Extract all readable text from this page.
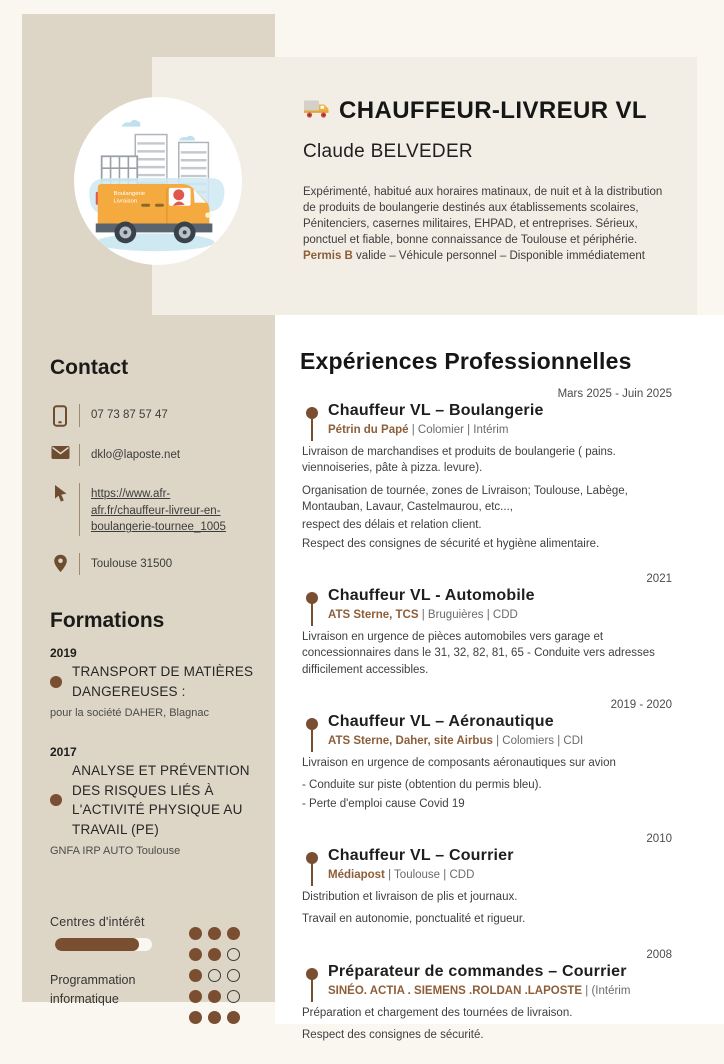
Contact
07 73 87 57 47
dklo@laposte.net
https://www.afr-afr.fr/chauffeur-livreur-en-boulangerie-tournee_1005
Toulouse 31500
Formations
2019
TRANSPORT DE MATIÈRES DANGEREUSES :
pour la société DAHER, Blagnac
2017
ANALYSE ET PRÉVENTION DES RISQUES LIÉS À L'ACTIVITÉ PHYSIQUE AU TRAVAIL (PE)
GNFA IRP AUTO Toulouse
Centres d'intérêt
Programmation informatique
CHAUFFEUR-LIVREUR VL
Claude BELVEDER
Expérimenté, habitué aux horaires matinaux, de nuit et à la distribution de produits de boulangerie destinés aux établissements scolaires, Pénitenciers, casernes militaires, EHPAD, et entreprises. Sérieux, ponctuel et fiable, bonne connaissance de Toulouse et périphérie.
Permis B valide – Véhicule personnel – Disponible immédiatement
Boulangerie
Livraison
Expériences Professionnelles
Mars 2025 - Juin 2025
Chauffeur VL – Boulangerie
Pétrin du Papé | Colomier | Intérim
Livraison de marchandises et produits de boulangerie ( pains. viennoiseries, pâte à pizza. levure).
Organisation de tournée, zones de Livraison; Toulouse, Labège, Montauban, Lavaur, Castelmaurou, etc...,
respect des délais et relation client.
Respect des consignes de sécurité et hygiène alimentaire.
2021
Chauffeur VL - Automobile
ATS Sterne, TCS | Bruguières | CDD
Livraison en urgence de pièces automobiles vers garage et concessionnaires dans le 31, 32, 82, 81, 65 - Conduite vers adresses difficilement accessibles.
2019 - 2020
Chauffeur VL – Aéronautique
ATS Sterne, Daher, site Airbus | Colomiers | CDI
Livraison en urgence de composants aéronautiques sur avion
- Conduite sur piste (obtention du permis bleu).
- Perte d'emploi cause Covid 19
2010
Chauffeur VL – Courrier
Médiapost | Toulouse | CDD
Distribution et livraison de plis et journaux.
Travail en autonomie, ponctualité et rigueur.
2008
Préparateur de commandes – Courrier
SINÉO. ACTIA . SIEMENS .ROLDAN .LAPOSTE | (Intérim
Préparation et chargement des tournées de livraison.
Respect des consignes de sécurité.
